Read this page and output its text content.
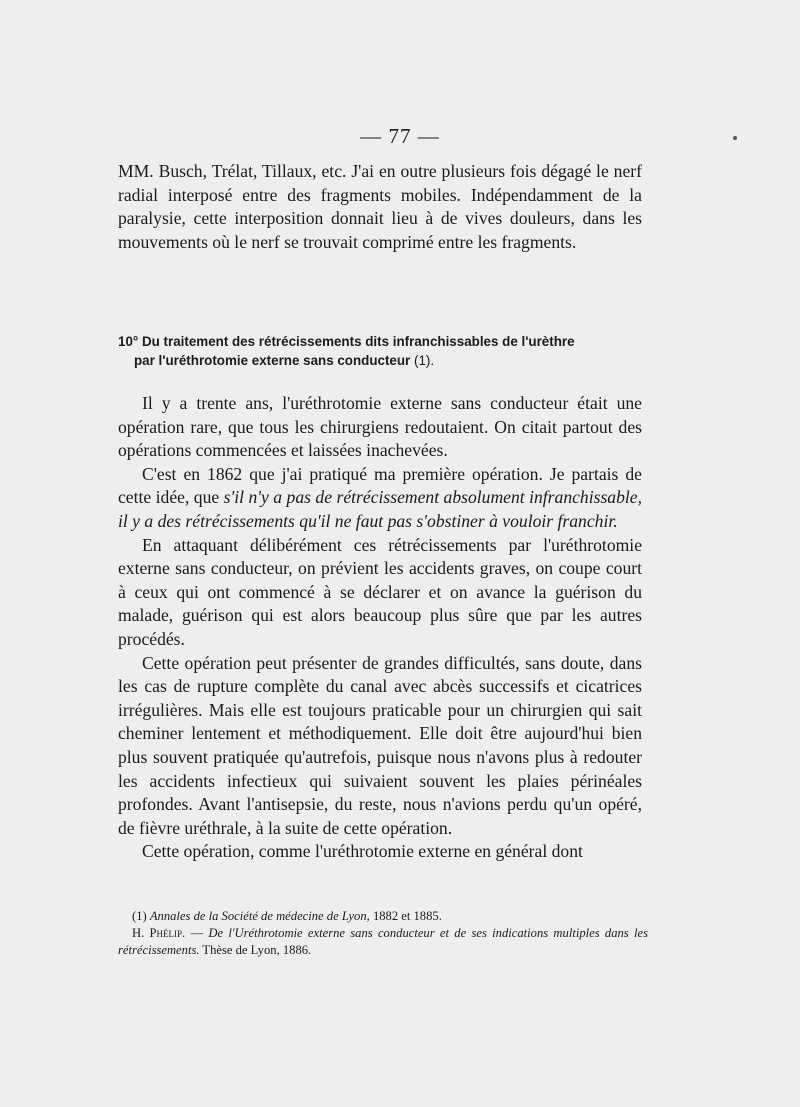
— 77 —

MM. Busch, Trélat, Tillaux, etc. J'ai en outre plusieurs fois dégagé le nerf radial interposé entre des fragments mobiles. Indépendamment de la paralysie, cette interposition donnait lieu à de vives douleurs, dans les mouvements où le nerf se trouvait comprimé entre les fragments.

10° Du traitement des rétrécissements dits infranchissables de l'urèthre
par l'uréthrotomie externe sans conducteur (1).

Il y a trente ans, l'uréthrotomie externe sans conducteur était une opération rare, que tous les chirurgiens redoutaient. On citait partout des opérations commencées et laissées inachevées.

C'est en 1862 que j'ai pratiqué ma première opération. Je partais de cette idée, que s'il n'y a pas de rétrécissement absolument infranchissable, il y a des rétrécissements qu'il ne faut pas s'obstiner à vouloir franchir.

En attaquant délibérément ces rétrécissements par l'uréthrotomie externe sans conducteur, on prévient les accidents graves, on coupe court à ceux qui ont commencé à se déclarer et on avance la guérison du malade, guérison qui est alors beaucoup plus sûre que par les autres procédés.

Cette opération peut présenter de grandes difficultés, sans doute, dans les cas de rupture complète du canal avec abcès successifs et cicatrices irrégulières. Mais elle est toujours praticable pour un chirurgien qui sait cheminer lentement et méthodiquement. Elle doit être aujourd'hui bien plus souvent pratiquée qu'autrefois, puisque nous n'avons plus à redouter les accidents infectieux qui suivaient souvent les plaies périnéales profondes. Avant l'antisepsie, du reste, nous n'avions perdu qu'un opéré, de fièvre uréthrale, à la suite de cette opération.

Cette opération, comme l'uréthrotomie externe en général dont

(1) Annales de la Société de médecine de Lyon, 1882 et 1885.

H. Phélip. — De l'Uréthrotomie externe sans conducteur et de ses indications multiples dans les rétrécissements. Thèse de Lyon, 1886.
